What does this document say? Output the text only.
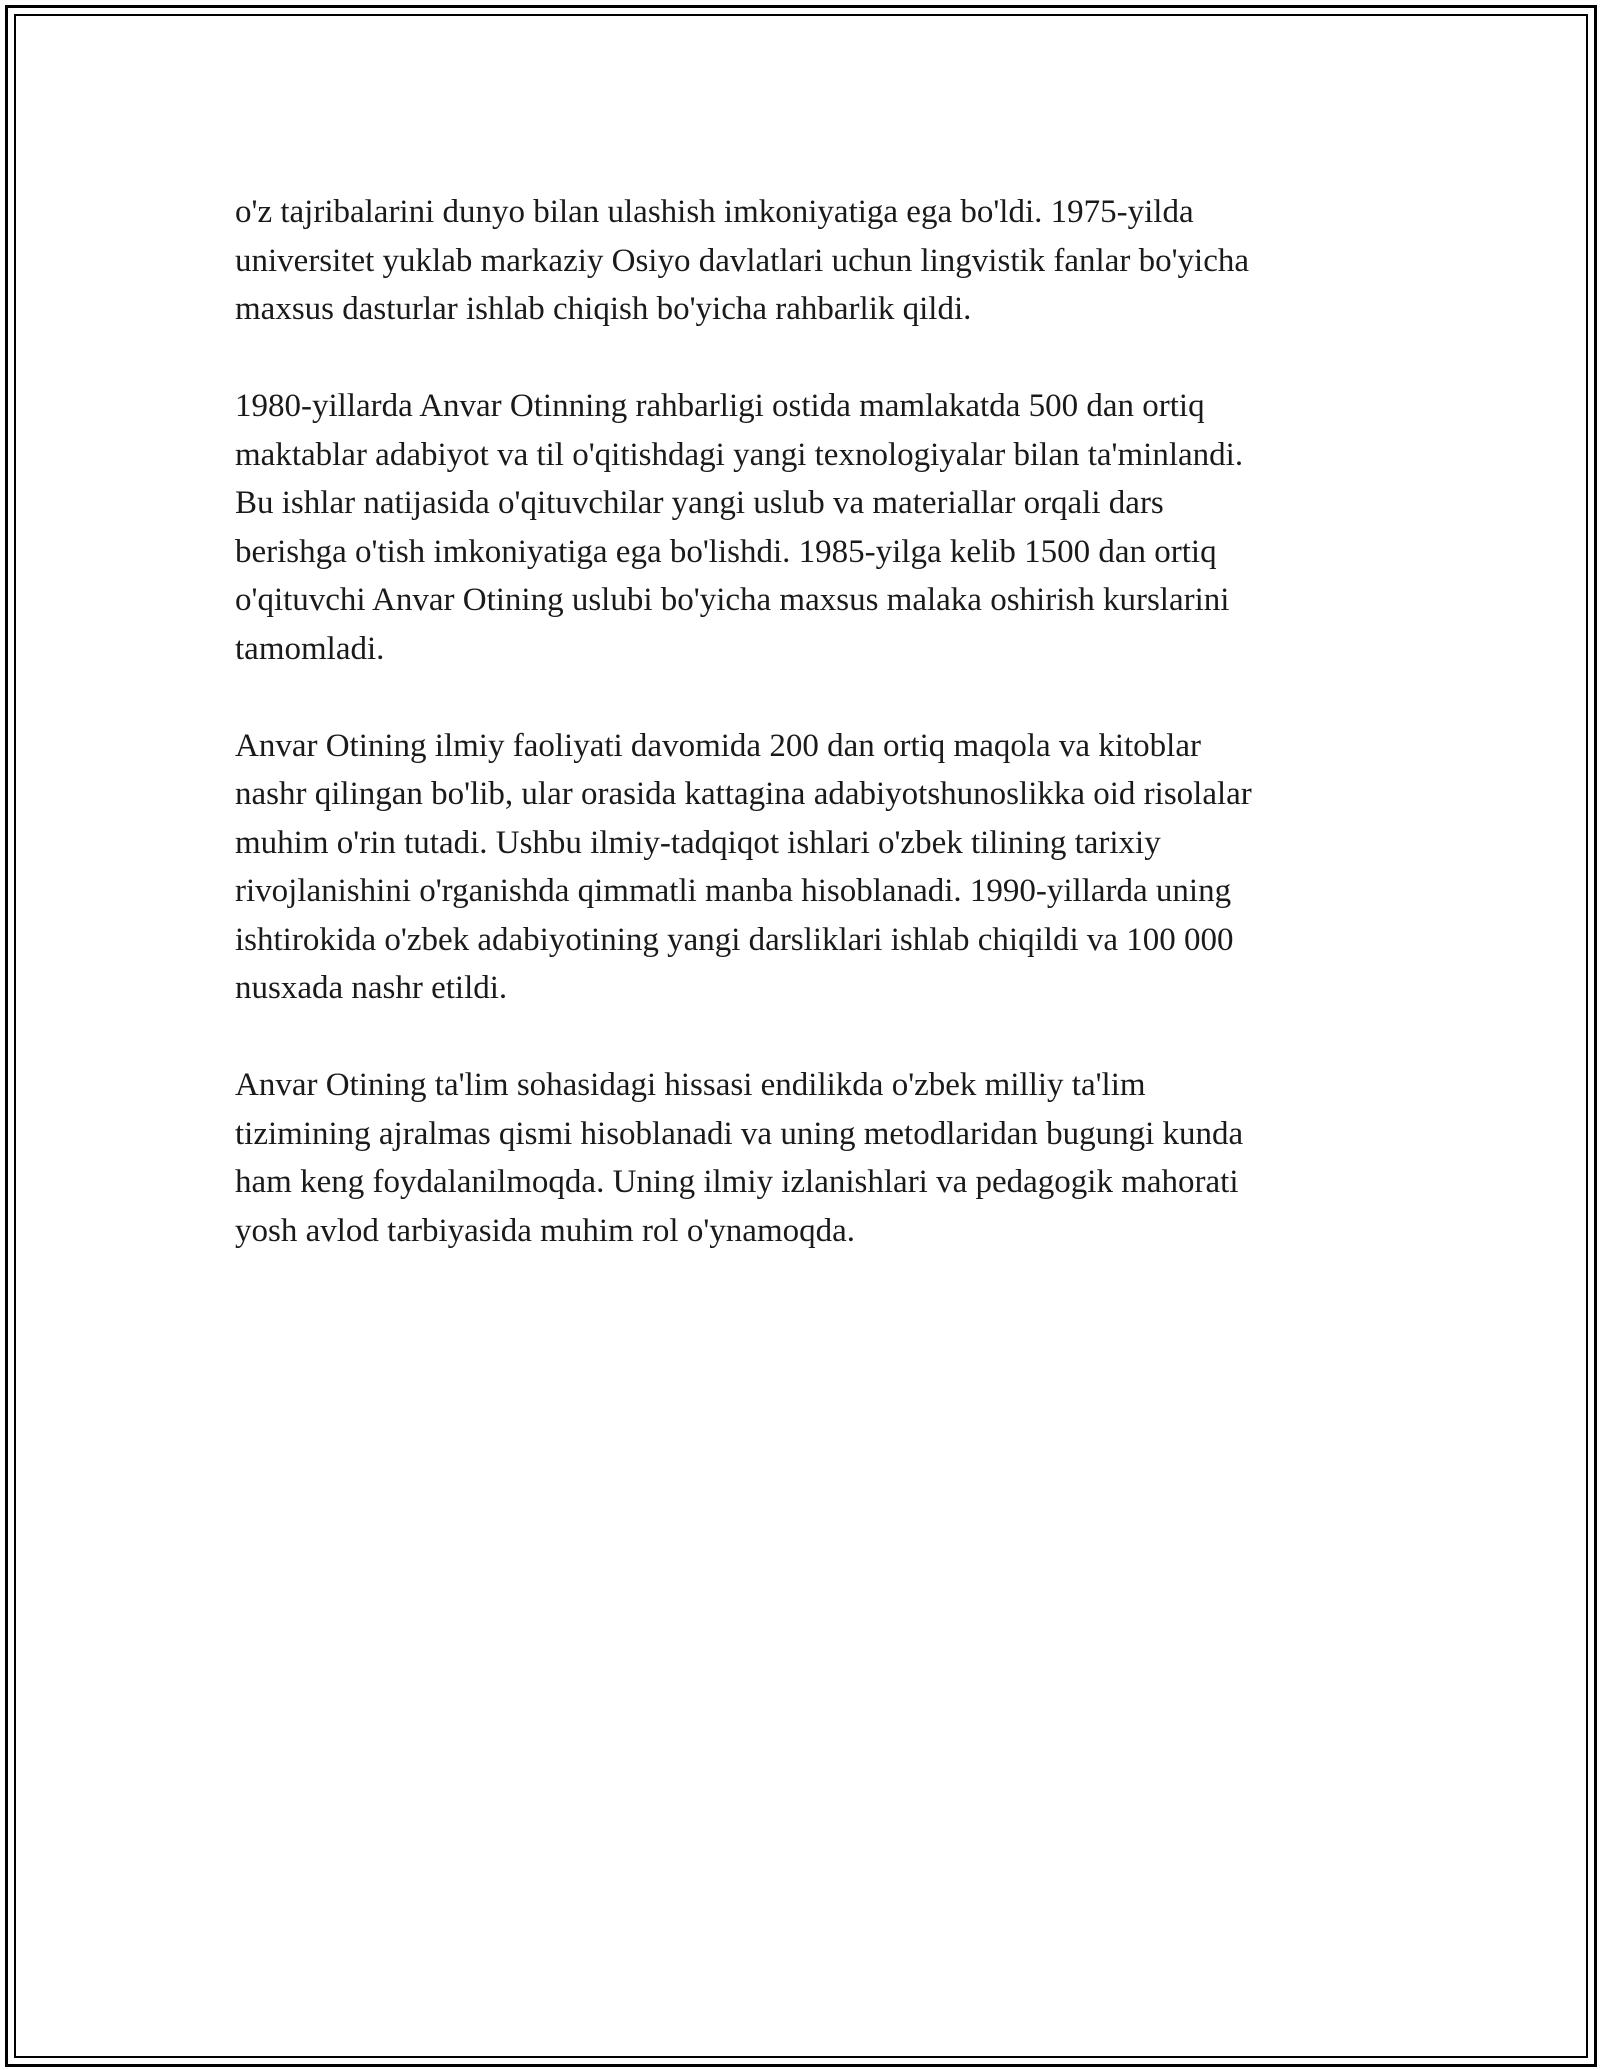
o'z tajribalarini dunyo bilan ulashish imkoniyatiga ega bo'ldi. 1975-yilda
universitet yuklab markaziy Osiyo davlatlari uchun lingvistik fanlar bo'yicha
maxsus dasturlar ishlab chiqish bo'yicha rahbarlik qildi.

1980-yillarda Anvar Otinning rahbarligi ostida mamlakatda 500 dan ortiq
maktablar adabiyot va til o'qitishdagi yangi texnologiyalar bilan ta'minlandi.
Bu ishlar natijasida o'qituvchilar yangi uslub va materiallar orqali dars
berishga o'tish imkoniyatiga ega bo'lishdi. 1985-yilga kelib 1500 dan ortiq
o'qituvchi Anvar Otining uslubi bo'yicha maxsus malaka oshirish kurslarini
tamomladi.

Anvar Otining ilmiy faoliyati davomida 200 dan ortiq maqola va kitoblar
nashr qilingan bo'lib, ular orasida kattagina adabiyotshunoslikka oid risolalar
muhim o'rin tutadi. Ushbu ilmiy-tadqiqot ishlari o'zbek tilining tarixiy
rivojlanishini o'rganishda qimmatli manba hisoblanadi. 1990-yillarda uning
ishtirokida o'zbek adabiyotining yangi darsliklari ishlab chiqildi va 100 000
nusxada nashr etildi.

Anvar Otining ta'lim sohasidagi hissasi endilikda o'zbek milliy ta'lim
tizimining ajralmas qismi hisoblanadi va uning metodlaridan bugungi kunda
ham keng foydalanilmoqda. Uning ilmiy izlanishlari va pedagogik mahorati
yosh avlod tarbiyasida muhim rol o'ynamoqda.
